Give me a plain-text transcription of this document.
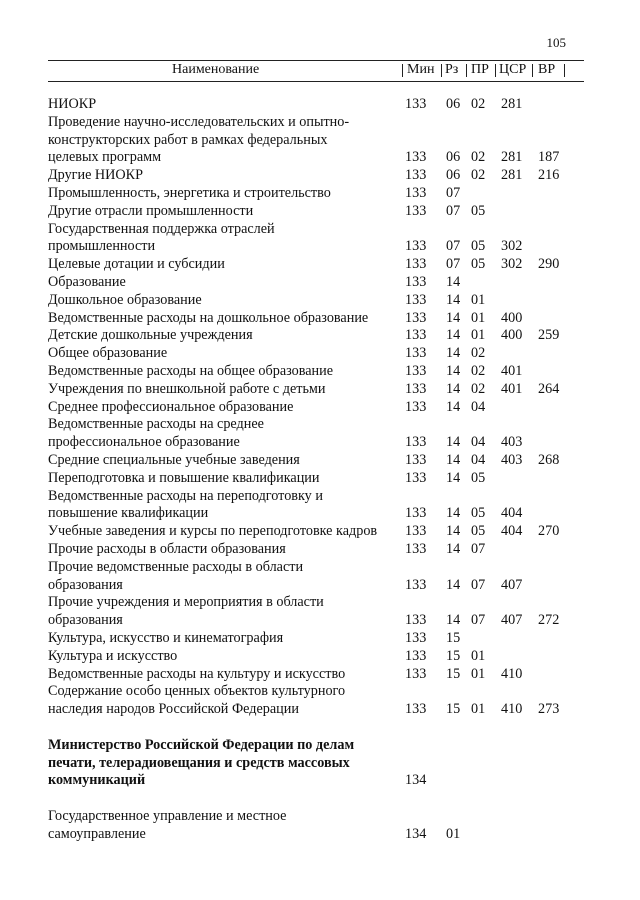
105
Наименование	Мин Рз ПР ЦСР ВР
НИОКР	133 06 02 281
Проведение научно-исследовательских и опытно-
конструкторских работ в рамках федеральных
целевых программ	133 06 02 281 187
Другие НИОКР	133 06 02 281 216
Промышленность, энергетика и строительство	133 07
Другие отрасли промышленности	133 07 05
Государственная поддержка отраслей
промышленности	133 07 05 302
Целевые дотации и субсидии	133 07 05 302 290
Образование	133 14
Дошкольное образование	133 14 01
Ведомственные расходы на дошкольное образование	133 14 01 400
Детские дошкольные учреждения	133 14 01 400 259
Общее образование	133 14 02
Ведомственные расходы на общее образование	133 14 02 401
Учреждения по внешкольной работе с детьми	133 14 02 401 264
Среднее профессиональное образование	133 14 04
Ведомственные расходы на среднее
профессиональное образование	133 14 04 403
Средние специальные учебные заведения	133 14 04 403 268
Переподготовка и повышение квалификации	133 14 05
Ведомственные расходы на переподготовку и
повышение квалификации	133 14 05 404
Учебные заведения и курсы по переподготовке кадров	133 14 05 404 270
Прочие расходы в области образования	133 14 07
Прочие ведомственные расходы в области
образования	133 14 07 407
Прочие учреждения и мероприятия в области
образования	133 14 07 407 272
Культура, искусство и кинематография	133 15
Культура и искусство	133 15 01
Ведомственные расходы на культуру и искусство	133 15 01 410
Содержание особо ценных объектов культурного
наследия народов Российской Федерации	133 15 01 410 273
Министерство Российской Федерации по делам
печати, телерадиовещания и средств массовых
коммуникаций	134
Государственное управление и местное
самоуправление	134 01
